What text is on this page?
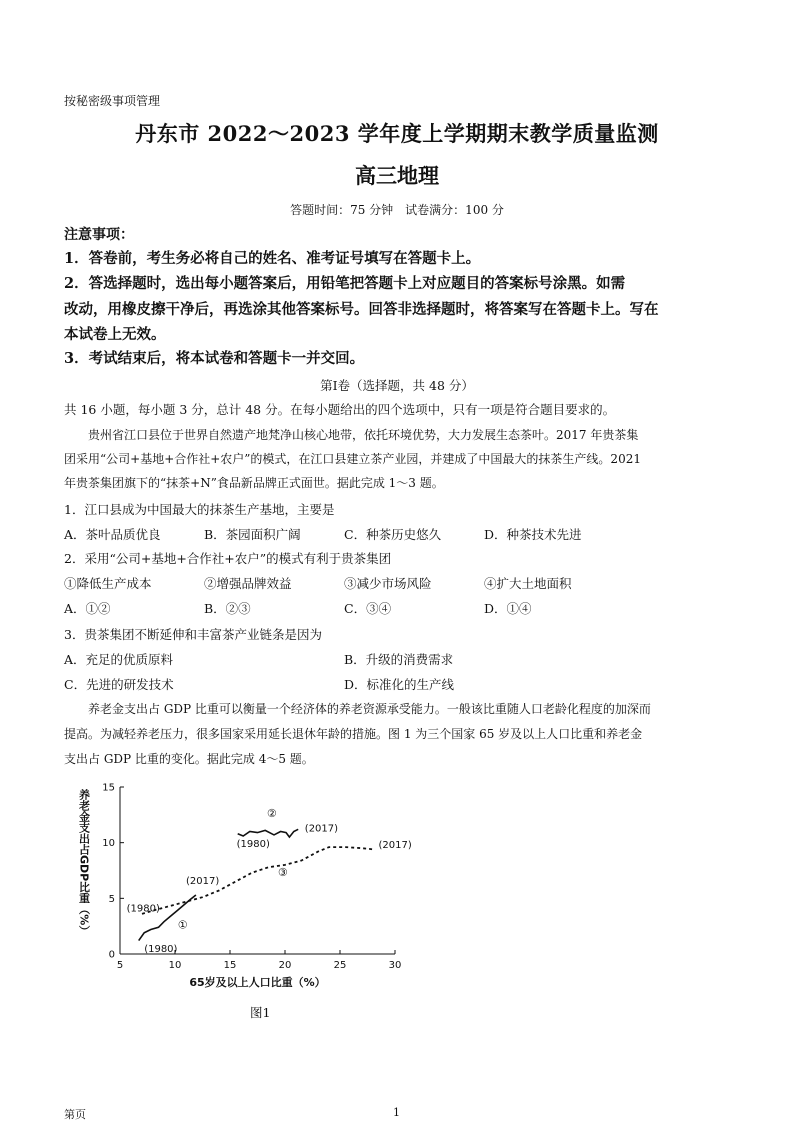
按秘密级事项管理
丹东市 2022～2023 学年度上学期期末教学质量监测
高三地理
答题时间：75 分钟　试卷满分：100 分
注意事项：
1．答卷前，考生务必将自己的姓名、准考证号填写在答题卡上。
2．答选择题时，选出每小题答案后，用铅笔把答题卡上对应题目的答案标号涂黑。如需
改动，用橡皮擦干净后，再选涂其他答案标号。回答非选择题时，将答案写在答题卡上。写在
本试卷上无效。
3．考试结束后，将本试卷和答题卡一并交回。
第Ⅰ卷（选择题，共 48 分）
共 16 小题，每小题 3 分，总计 48 分。在每小题给出的四个选项中，只有一项是符合题目要求的。
贵州省江口县位于世界自然遗产地梵净山核心地带，依托环境优势，大力发展生态茶叶。2017 年贵茶集
团采用“公司+基地+合作社+农户”的模式，在江口县建立茶产业园，并建成了中国最大的抹茶生产线。2021
年贵茶集团旗下的“抹茶+N”食品新品牌正式面世。据此完成 1～3 题。
1．江口县成为中国最大的抹茶生产基地，主要是
A．茶叶品质优良	B．茶园面积广阔	C．种茶历史悠久	D．种茶技术先进
2．采用“公司+基地+合作社+农户”的模式有利于贵茶集团
①降低生产成本	②增强品牌效益	③减少市场风险	④扩大土地面积
A．①②	B．②③	C．③④	D．①④
3．贵茶集团不断延伸和丰富茶产业链条是因为
A．充足的优质原料	B．升级的消费需求
C．先进的研发技术	D．标准化的生产线
养老金支出占 GDP 比重可以衡量一个经济体的养老资源承受能力。一般该比重随人口老龄化程度的加深而
提高。为减轻养老压力，很多国家采用延长退休年龄的措施。图 1 为三个国家 65 岁及以上人口比重和养老金
支出占 GDP 比重的变化。据此完成 4～5 题。
5	10	15	20	25	30
0
5
10
15
养老金支出占GDP比重（%）
65岁及以上人口比重（%）
①
(1980)
(2017)
②
(1980)
(2017)
③
(1980)
(2017)
图1
第页	1
